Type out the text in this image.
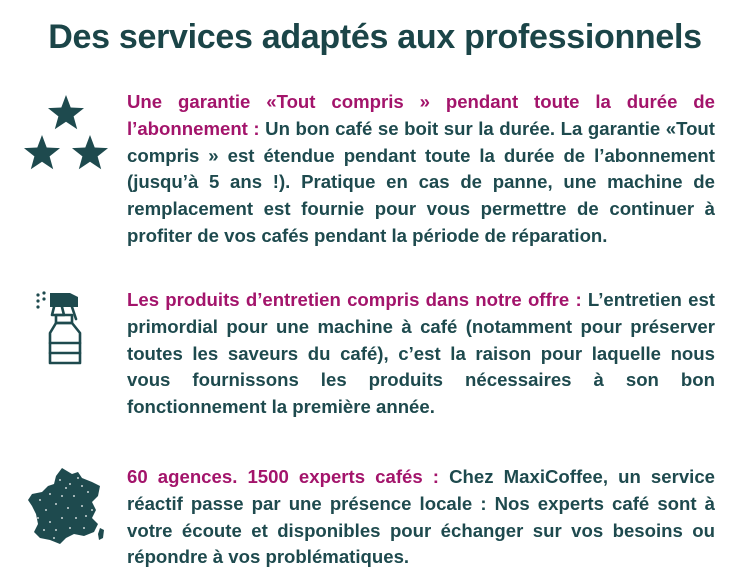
Des services adaptés aux professionnels

Une garantie «Tout compris » pendant toute la durée de l’abonnement : Un bon café se boit sur la durée. La garantie «Tout compris » est étendue pendant toute la durée de l’abonnement (jusqu’à 5 ans !). Pratique en cas de panne, une machine de remplacement est fournie pour vous permettre de continuer à profiter de vos cafés pendant la période de réparation.

Les produits d’entretien compris dans notre offre : L’entretien est primordial pour une machine à café (notamment pour préserver toutes les saveurs du café), c’est la raison pour laquelle nous vous fournissons les produits nécessaires à son bon fonctionnement la première année.

60 agences. 1500 experts cafés : Chez MaxiCoffee, un service réactif passe par une présence locale : Nos experts café sont à votre écoute et disponibles pour échanger sur vos besoins ou répondre à vos problématiques.
